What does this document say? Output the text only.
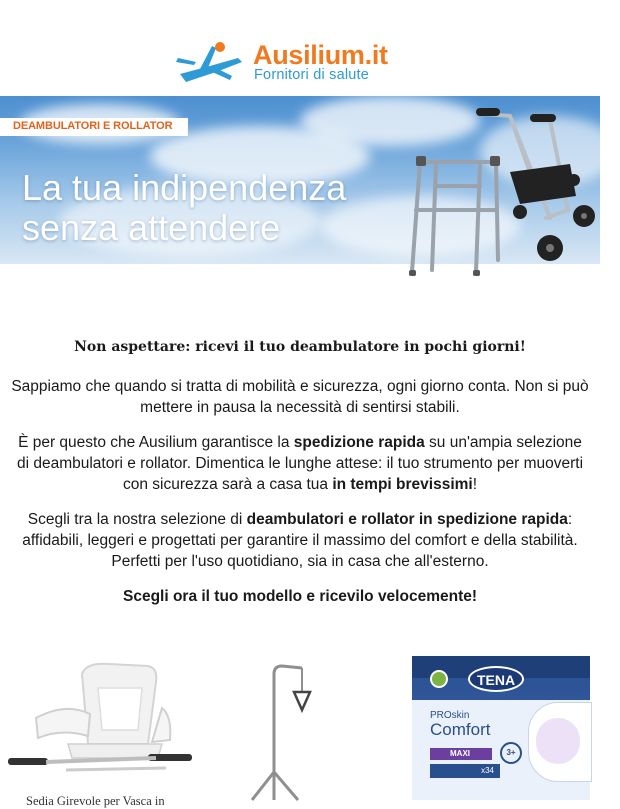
Ausilium.it
Fornitori di salute
DEAMBULATORI E ROLLATOR
La tua indipendenza
senza attendere

Non aspettare: ricevi il tuo deambulatore in pochi giorni!

Sappiamo che quando si tratta di mobilità e sicurezza, ogni giorno conta. Non si può mettere in pausa la necessità di sentirsi stabili.

È per questo che Ausilium garantisce la spedizione rapida su un'ampia selezione di deambulatori e rollator. Dimentica le lunghe attese: il tuo strumento per muoverti con sicurezza sarà a casa tua in tempi brevissimi!

Scegli tra la nostra selezione di deambulatori e rollator in spedizione rapida: affidabili, leggeri e progettati per garantire il massimo del comfort e della stabilità. Perfetti per l'uso quotidiano, sia in casa che all'esterno.

Scegli ora il tuo modello e ricevilo velocemente!

Sedia Girevole per Vasca in
TENA
PROskin
Comfort
MAXI	3+
x34
